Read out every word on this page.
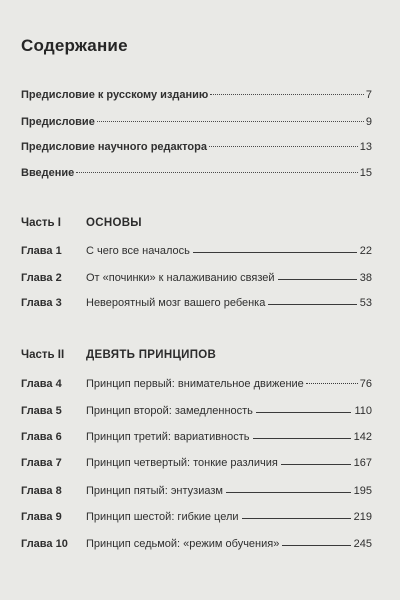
Содержание
Предисловие к русскому изданию	7
Предисловие	9
Предисловие научного редактора	13
Введение	15
Часть I	ОСНОВЫ
Глава 1	С чего все началось	22
Глава 2	От «починки» к налаживанию связей	38
Глава 3	Невероятный мозг вашего ребенка	53
Часть II	ДЕВЯТЬ ПРИНЦИПОВ
Глава 4	Принцип первый: внимательное движение	76
Глава 5	Принцип второй: замедленность	110
Глава 6	Принцип третий: вариативность	142
Глава 7	Принцип четвертый: тонкие различия	167
Глава 8	Принцип пятый: энтузиазм	195
Глава 9	Принцип шестой: гибкие цели	219
Глава 10	Принцип седьмой: «режим обучения»	245
